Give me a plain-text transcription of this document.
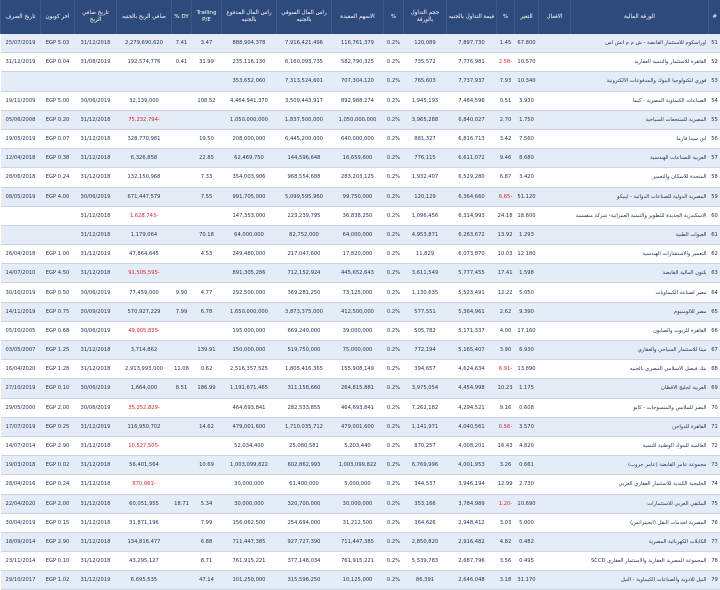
#	الورقة المالية	الاقفال	التغير	%	قيمة التداول بالجنيه	حجم التداول بالورقة	%	الاسهم المقيدة	راس المال السوقي بالجنيه	راس المال المدفوع بالجنيه	Trailing P/E	DY %	صافي الربح بالجنيه	تاريخ صافي الربح	اخر كوبون	تاريخ الصرف
51	اوراسكوم للاستثمار القابضة - ش م م اتش اس		67.800	1.45	7,897,730	120,089	0.2%	116,761,379	7,916,421,496	888,904,378	3.47	7.41	2,279,690,620	31/12/2018	EGP 5.03	25/07/2019
52	القاهرة للاستثمار والتنمية العقارية		10.570	-2.58	7,776,981	735,572	0.2%	582,790,325	6,160,093,735	235,116,130	31.99	0.41	192,574,776	31/08/2019	EGP 0.04	31/12/2019
53	فوري لتكنولوجيا البنوك والمدفوعات الالكترونية		10.340	7.93	7,737,937	765,603	0.2%	707,304,120	7,313,524,601	353,652,060						
54	الصناعات الكيماوية المصرية - كيما		3.930	0.51	7,484,596	1,945,193	0.2%	892,988,274	3,509,443,917	4,464,941,370	108.52		32,139,000	30/06/2019	EGP 5.00	19/11/2009
55	المصرية للمنتجعات السياحية		1.750	2.70	6,840,027	3,965,288	0.2%	1,050,000,000	1,837,500,000	1,050,000,000			-75,232,794	31/12/2018	EGP 0.20	05/06/2008
56	ابن سينا فارما		7.560	3.42	6,816,713	881,327	0.2%	640,000,000	6,445,200,000	208,000,000	19.50		328,770,981	31/12/2018	EGP 0.07	19/05/2019
57	العربية للصناعات الهندسية		8.680	9.46	6,611,072	776,115	0.2%	16,659,600	144,596,648	62,469,750	22.85		6,326,858	31/12/2018	EGP 0.38	12/04/2018
58	المتحدة للاسكان والتعمير		3.420	6.87	6,529,280	1,932,407	0.2%	283,203,125	968,554,688	354,003,906	7.33		132,150,968	31/12/2018	EGP 0.24	28/06/2018
59	المصرية الدولية للصناعات الدوائية - ايبيكو		51.120	-6.65	6,364,660	120,129	0.2%	99,750,000	5,099,595,960	991,705,000	7.55		671,447,579	30/06/2019	EGP 4.00	08/05/2019
60	الاسكندرية الجديدة للتطوير والتنمية العمرانية- شركة منقسمة		18.600	24.18	6,314,993	1,096,456	0.2%	36,838,250	223,239,795	147,353,000			-1,628,743	31/12/2018		
61	العبوات الطبية		1.293	13.92	6,263,672	4,953,871	0.2%	64,000,000	82,752,000	64,000,000	70.18		1,179,064	31/12/2018		
62	التعمير والاستشارات الهندسية		12.180	10.03	6,073,870	11,829	0.2%	17,820,000	217,047,600	249,480,000	4.53		47,864,645	31/12/2019	EGP 1.00	26/04/2018
63	بلتون المالية القابضة		1.598	17.41	5,777,455	3,611,549	0.2%	445,652,643	712,152,924	891,305,286			-91,505,595	31/12/2018	EGP 4.50	14/07/2010
64	مصر لصناعة الكيماويات		5.050	12.22	5,523,491	1,130,635	0.2%	73,125,000	369,281,250	292,500,000	4.77	9.90	77,459,000	30/06/2019	EGP 0.50	30/10/2019
65	مصر للالومنيوم		9.390	2.62	5,364,961	577,551	0.2%	412,500,000	3,873,375,000	1,650,000,000	6.78	7.99	570,927,229	30/09/2019	EGP 0.75	14/11/2019
66	القاهرة للزيوت والصابون		17.160	4.00	5,171,337	505,782	0.2%	39,000,000	669,240,000	195,000,000			-49,905,835	30/06/2019	EGP 0.68	05/10/2005
67	ميثا للاستثمار السياحي والعقاري		6.930	3.90	5,165,407	772,194	0.2%	75,000,000	519,750,000	150,000,000	139.91		3,714,862	31/12/2018	EGP 1.25	03/05/2007
68	بنك فيصل الاسلامي المصري بالجنيه		13.890	-6.91	4,624,634	394,657	0.2%	155,908,149	1,805,416,365	2,516,357,525	0.62	11.08	2,913,993,000	31/12/2018	EGP 1.28	16/04/2020
69	العربية لحليج الاقطان		1.175	10.23	4,454,998	3,975,054	0.2%	264,815,881	311,158,660	1,191,671,465	186.99	8.51	1,664,000	30/06/2019	EGP 0.10	27/10/2019
70	النصر للملابس والمنسوجات - كابو		0.608	9.16	4,294,521	7,262,182	0.2%	464,693,841	282,533,855	464,693,841			-35,252,829	30/06/2019	EGP 2.00	29/05/2000
71	القاهرة للدواجن		3.570	-0.56	4,040,561	1,141,971	0.2%	479,001,600	1,710,035,712	479,001,600	14.62		116,950,702	31/12/2019	EGP 0.25	17/07/2019
72	العالمية للبنوك الوطنية للتنمية		4.820	16.43	4,008,201	870,257	0.2%	5,203,440	25,080,581	52,034,400			-10,527,505	31/12/2018	EGP 2.90	14/07/2014
73	مجموعة عامر القابضة (عامر جروب)		0.661	3.26	4,001,953	6,769,996	0.2%	1,003,099,822	602,862,993	1,003,099,822	10.69		56,401,564	31/12/2018	EGP 0.02	19/03/2018
74	الخليجية الكندية للاستثمار العقاري العربي		2.730	12.99	3,946,194	344,537	0.2%	5,000,000	61,400,000	30,000,000			-870,061	31/12/2018	EGP 0.24	28/04/2016
75	الملتقي العربي للاستثمارات		10.690	-1.20	3,784,989	353,166	0.2%	30,000,000	320,700,000	30,000,000	5.34	18.71	60,051,955	31/12/2018	EGP 2.00	22/04/2020
76	المصرية لخدمات النقل (ايجيترانس)		5.000	3.03	2,948,412	364,626	0.2%	31,212,500	254,694,000	156,062,500	7.99		31,871,196	31/12/2018	EGP 0.15	30/04/2019
77	الكابلات الكهربائية المصرية		0.482	4.82	2,916,482	2,850,820	0.2%	711,447,385	927,727,390	711,447,385	6.88		134,816,477	31/12/2018	EGP 2.90	18/09/2014
78	المجموعة المصرية العقارية والاستثمار العقاري SCCD		0.495	3.56	2,687,796	5,539,783	0.2%	761,915,221	377,148,034	761,915,221	8.71		43,295,127	31/12/2018	EGP 0.10	23/11/2014
79	النيل للادوية والصناعات الكيماوية - النيل		31.170	3.18	2,646,048	86,391	0.2%	10,125,000	315,596,250	101,250,000	47.14		6,695,535	31/12/2019	EGP 1.02	29/10/2017
